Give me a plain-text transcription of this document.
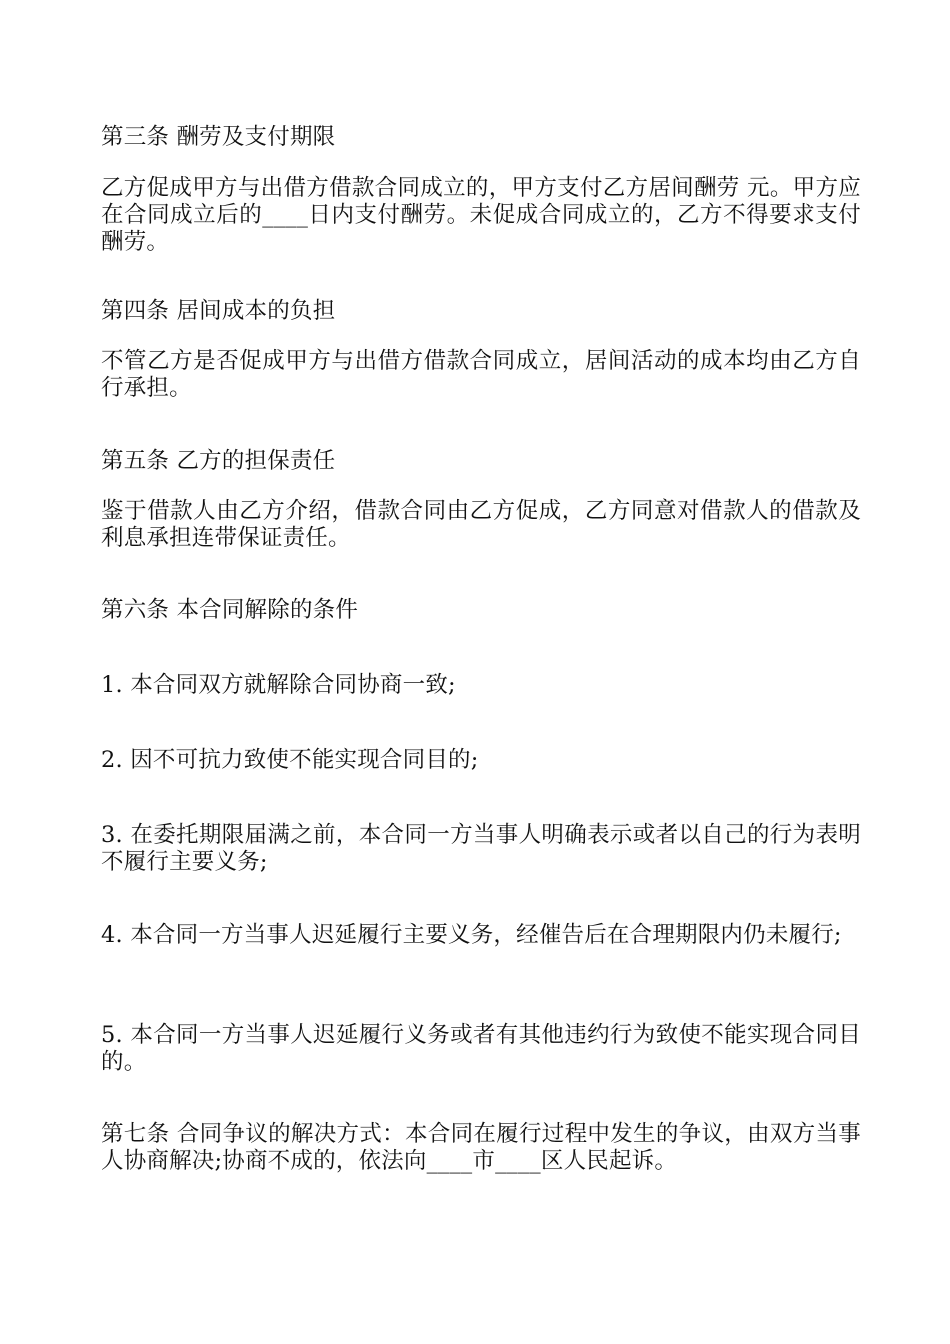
第三条 酬劳及支付期限

乙方促成甲方与出借方借款合同成立的，甲方支付乙方居间酬劳 元。甲方应在合同成立后的____日内支付酬劳。未促成合同成立的，乙方不得要求支付酬劳。

第四条 居间成本的负担

不管乙方是否促成甲方与出借方借款合同成立，居间活动的成本均由乙方自行承担。

第五条 乙方的担保责任

鉴于借款人由乙方介绍，借款合同由乙方促成，乙方同意对借款人的借款及利息承担连带保证责任。

第六条 本合同解除的条件

1. 本合同双方就解除合同协商一致;

2. 因不可抗力致使不能实现合同目的;

3. 在委托期限届满之前，本合同一方当事人明确表示或者以自己的行为表明不履行主要义务;

4. 本合同一方当事人迟延履行主要义务，经催告后在合理期限内仍未履行;

5. 本合同一方当事人迟延履行义务或者有其他违约行为致使不能实现合同目的。

第七条 合同争议的解决方式：本合同在履行过程中发生的争议，由双方当事人协商解决;协商不成的，依法向____市____区人民起诉。
